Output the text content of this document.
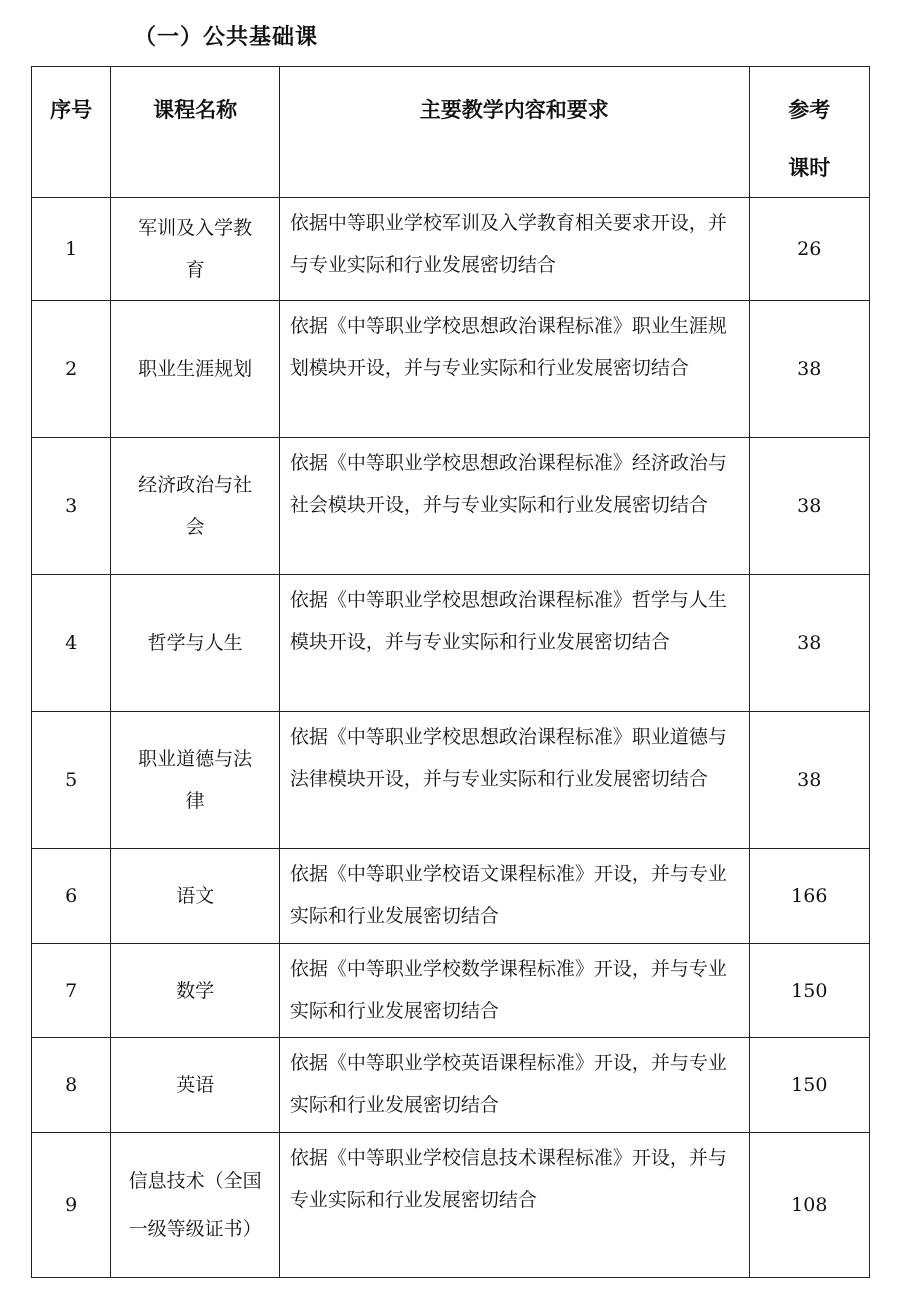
（一）公共基础课
序号	课程名称	主要教学内容和要求	参考课时
1	军训及入学教育	依据中等职业学校军训及入学教育相关要求开设，并与专业实际和行业发展密切结合	26
2	职业生涯规划	依据《中等职业学校思想政治课程标准》职业生涯规划模块开设，并与专业实际和行业发展密切结合	38
3	经济政治与社会	依据《中等职业学校思想政治课程标准》经济政治与社会模块开设，并与专业实际和行业发展密切结合	38
4	哲学与人生	依据《中等职业学校思想政治课程标准》哲学与人生模块开设，并与专业实际和行业发展密切结合	38
5	职业道德与法律	依据《中等职业学校思想政治课程标准》职业道德与法律模块开设，并与专业实际和行业发展密切结合	38
6	语文	依据《中等职业学校语文课程标准》开设，并与专业实际和行业发展密切结合	166
7	数学	依据《中等职业学校数学课程标准》开设，并与专业实际和行业发展密切结合	150
8	英语	依据《中等职业学校英语课程标准》开设，并与专业实际和行业发展密切结合	150
9	信息技术（全国一级等级证书）	依据《中等职业学校信息技术课程标准》开设，并与专业实际和行业发展密切结合	108
